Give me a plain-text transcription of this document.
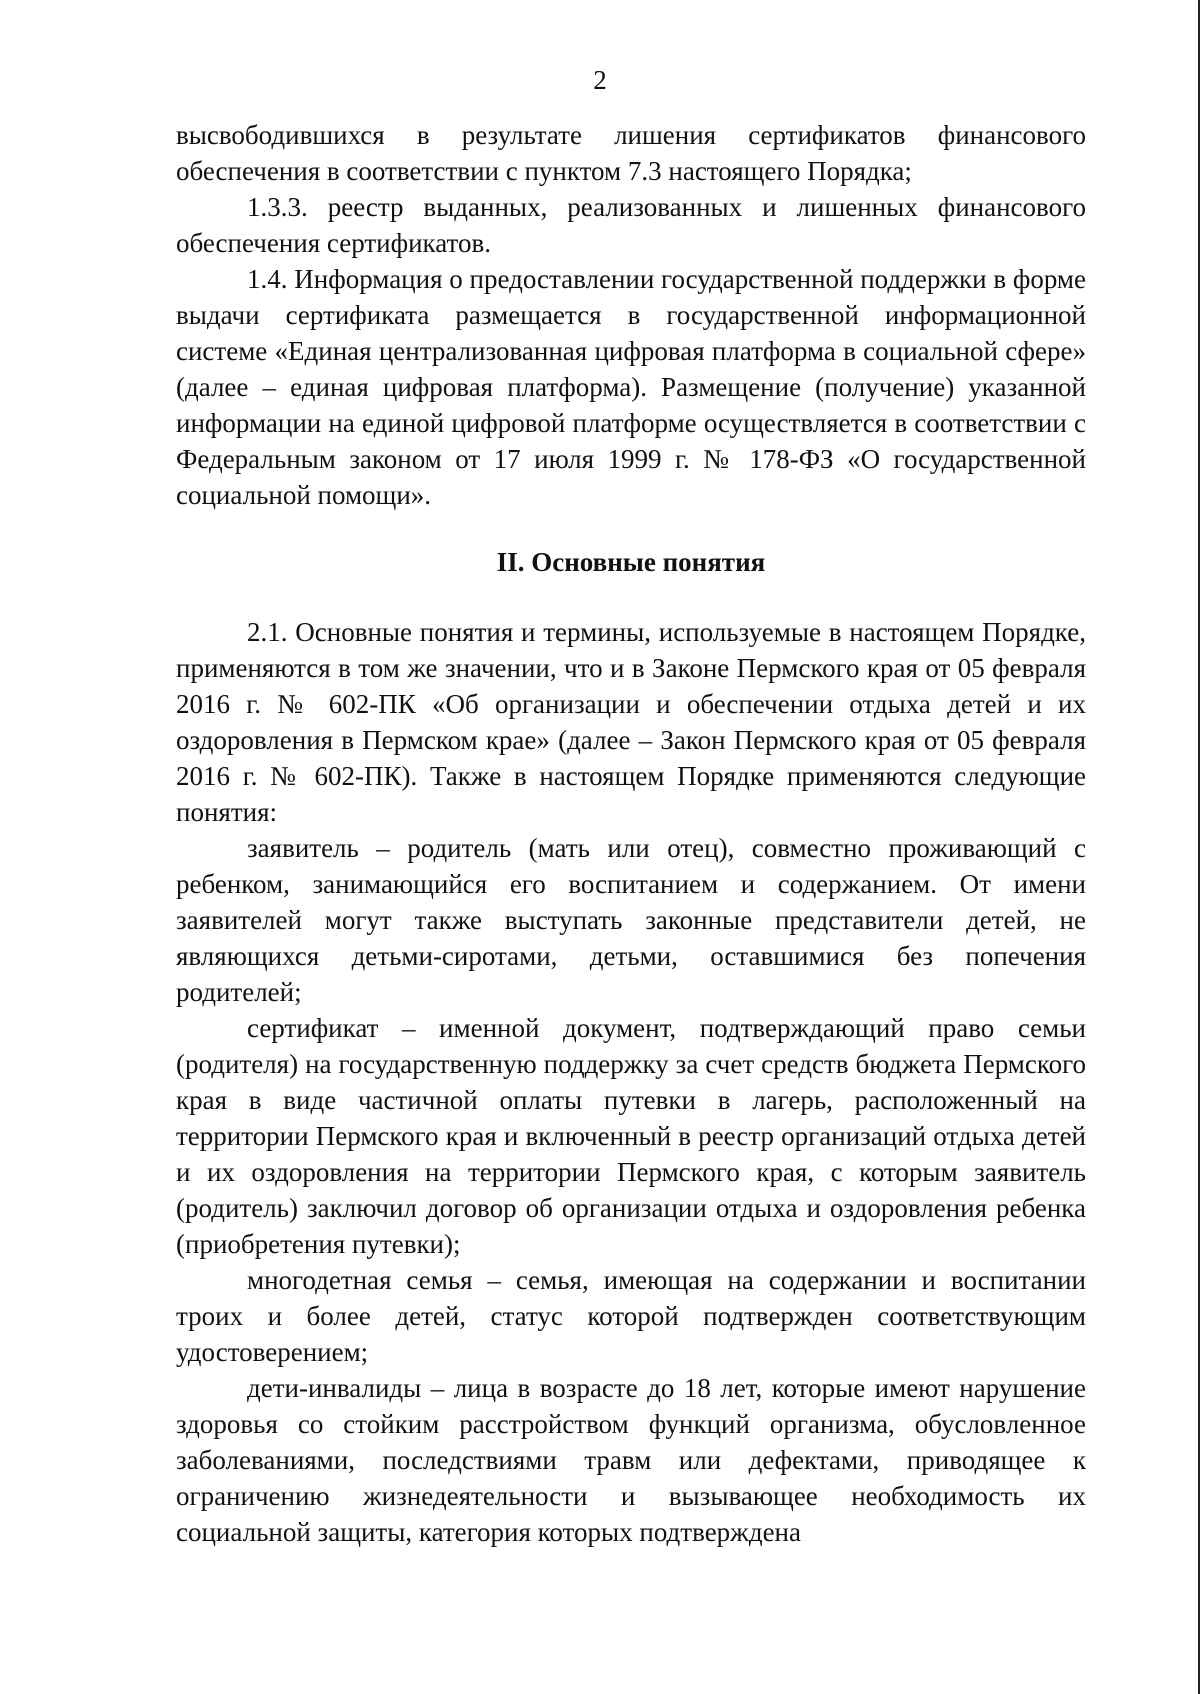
2

высвободившихся в результате лишения сертификатов финансового обеспечения в соответствии с пунктом 7.3 настоящего Порядка;

1.3.3. реестр выданных, реализованных и лишенных финансового обеспечения сертификатов.

1.4. Информация о предоставлении государственной поддержки в форме выдачи сертификата размещается в государственной информационной системе «Единая централизованная цифровая платформа в социальной сфере» (далее – единая цифровая платформа). Размещение (получение) указанной информации на единой цифровой платформе осуществляется в соответствии с Федеральным законом от 17 июля 1999 г. № 178-ФЗ «О государственной социальной помощи».

II. Основные понятия

2.1. Основные понятия и термины, используемые в настоящем Порядке, применяются в том же значении, что и в Законе Пермского края от 05 февраля 2016 г. № 602-ПК «Об организации и обеспечении отдыха детей и их оздоровления в Пермском крае» (далее – Закон Пермского края от 05 февраля 2016 г. № 602-ПК). Также в настоящем Порядке применяются следующие понятия:

заявитель – родитель (мать или отец), совместно проживающий с ребенком, занимающийся его воспитанием и содержанием. От имени заявителей могут также выступать законные представители детей, не являющихся детьми-сиротами, детьми, оставшимися без попечения родителей;

сертификат – именной документ, подтверждающий право семьи (родителя) на государственную поддержку за счет средств бюджета Пермского края в виде частичной оплаты путевки в лагерь, расположенный на территории Пермского края и включенный в реестр организаций отдыха детей и их оздоровления на территории Пермского края, с которым заявитель (родитель) заключил договор об организации отдыха и оздоровления ребенка (приобретения путевки);

многодетная семья – семья, имеющая на содержании и воспитании троих и более детей, статус которой подтвержден соответствующим удостоверением;

дети-инвалиды – лица в возрасте до 18 лет, которые имеют нарушение здоровья со стойким расстройством функций организма, обусловленное заболеваниями, последствиями травм или дефектами, приводящее к ограничению жизнедеятельности и вызывающее необходимость их социальной защиты, категория которых подтверждена
